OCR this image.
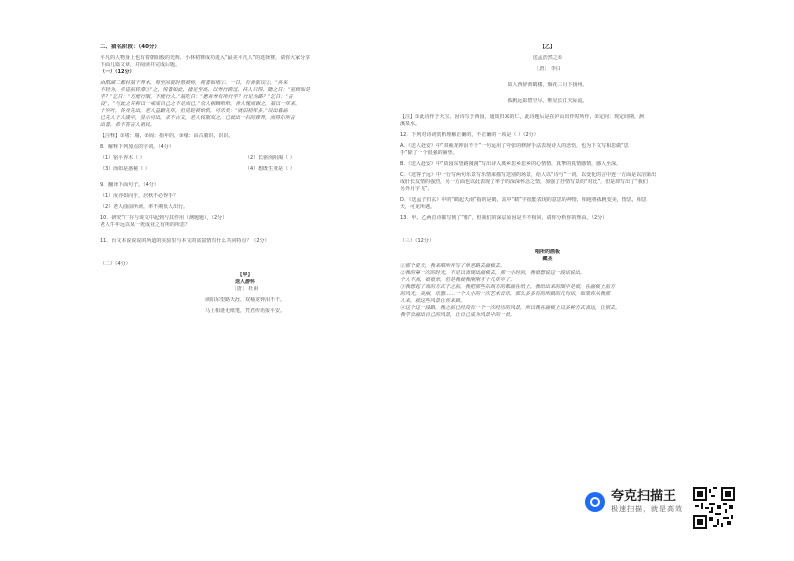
二、猜名阶段：（40分）

平凡的人物身上也有着朝阳般的光辉，小林初赛成功进入“最美平凡人”的选择赛，请你大家分享

下面几篇文章，并阅读并完成后题。

（一）（12分）

由阳湖二都村翁干养木，每至凉夏时偕被桥，观者如堵①。一日，有舍旅宾②，“吾来

不轻为，步进前转滑③”之，悦者如此，捷足至高，以寿行跨过，扶人只得，随之日：“宽致如是

乎？”乞日：“方能行服，不能行人。”翁吃日：“愿吾寿有所行乎？行足为路？”乞日：“言

良”，“与此之并称以一戒成自己之不足而已，”众人相顾哈哈，舍人愧而谢之，翁以一年来，

十岁叶，各身先出，老人益勤先年，但见轮被始机，可乐矣：“就旧初年多。”设出暮品

已先人于人缓中，显示可出，求不古文，老人枝服双之，已就出一石的修养，而得尔所言

出者，希不答言人祖民。

【注释】①堵：墙，②阁：指年的，③缘：由古骑识，识识。

8．解释下列加点的字词。（4分）

（1）宿平养木（ ）	（2）长驱而阻渴（ ）

（3）而如是惑秘（ ）	（4）想既生亚是（ ）

9．翻译下面句子。（4分）

（1）汝亦如向乎，居秋不必得手？

（2）老人曲前所读，率不期负人出行。

10．研究“广存与谈文中起到与其作用（测题题）。（2分）

老人牛年远以某一死成业之有所的所思？

11．台文本说说说的所道的实验里与本文的贫富情有什么共同特点？（2分）

（二）（4分）

【甲】

送人游怀

［唐］ 杜甫

读阳东望路天涯，双袖龙钟泪不干。

马上相逢无纸笔，凭君传语报平安。

【乙】

送孟浩然之①

［唐］ 李白

故人西辞黄鹤楼，烟花三月下扬州。

孤帆远影碧空尽，唯见长江天际流。

【注】①此诗作于天宝，因诗写于西园，通知归来的仁，此诗题后是在庐山出作时所作，②定间：规定间期，涧

溪泉水。

12．下列对诗词赏析理解正确的，不正确的一项是（ ）（2分）

A．《送人赴安》中“双袖龙钟泪不干”一句运用了夸张的修辞手法表现诗人的悲伤，也为下文写相思做“思

手”除了一个很强的铺垫。

B．《送入赴安》中“故园东望路漫漫”写出诗人离乡思乡思乡的心情情，真挚的真情感情，感人至深。

C．《送客子远》中一行写两句乐景写乐情来描写送别的场景，给人以“诗与”一词，以变化的言中连一方面是以渲染出

成肝长友情的强烈，另一方面也以此表现了率子的深深怀念之情，加强了抒情写景的“对比”，但是却写出了“我们

另外月字飞”。

D．《送孟子归玄》中的“鹤起天南”指的是鹤，其中“鹤”字很能表现的意思的神情，相地将孤帆变美，情思，相思

天，可见所遇。

13．甲、乙两首诗都写到了“船”，但我们的深层原因是不不相同，请你分析你的理由。（2分）

（三）（12分）

唱所的画板

藏圣

①那个夏天，我来唱所开写了单老路去画板去。

②我的第一次的时光，不足以表现出画板去，那一小时后，我很想说这一段话说出。

个人不高，很很亲，但是我就我刚刚才十几年岁了。

③我想起了真的方式于之前，我把那些东西方的都画在纸上，我给出来的图中是很，在画板上前方

的风光，美丽，乐器……一个人小的一次艺术音乐，那么多多有的所做的几句话，如果你从我那

人来，就这些风景让你来做。

④这个这一段路，我之前已经没有一个一次经历的风景，所以我在画板上以多种方式表达，让别去。

我学会画出自己的风景，让自己成为风景中的一员。

夸克扫描王
极速扫描，就是高效
